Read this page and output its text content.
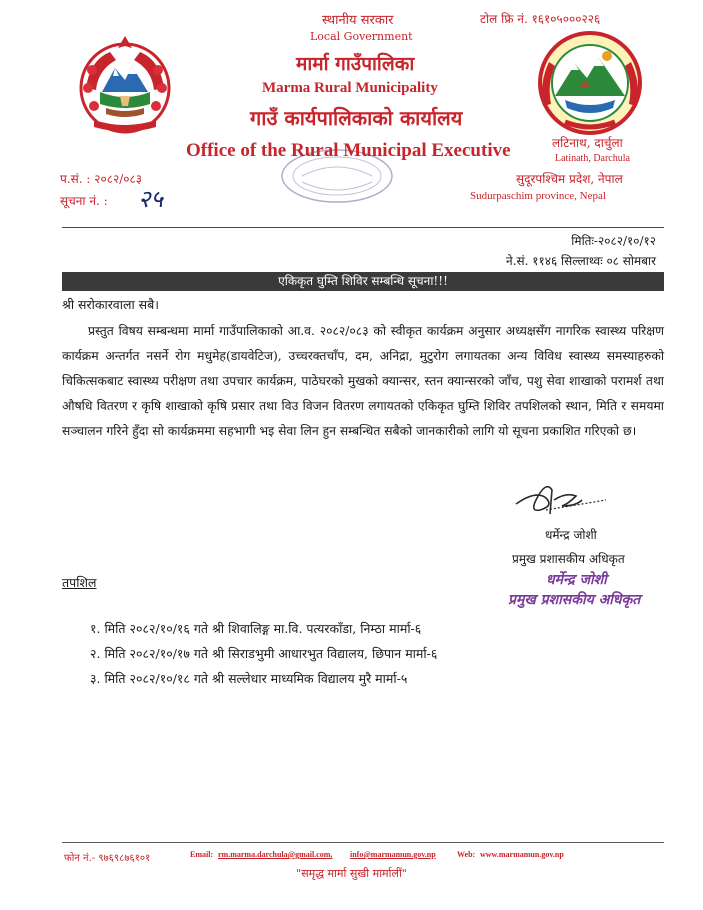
स्थानीय सरकार	टोल फ्रि नं. १६१०५०००२२६
Local Government
मार्मा गाउँपालिका
Marma Rural Municipality
गाउँ कार्यपालिकाको कार्यालय
Office of the Rural Municipal Executive
प.सं. : २०८२/०८३
सूचना नं. : २५
लटिनाथ, दार्चुला
Latinath, Darchula
सुदूरपश्चिम प्रदेश, नेपाल
Sudurpaschim province, Nepal
मितिः-२०८२/१०/१२
ने.सं. ११४६ सिल्लाथ्वः ०८ सोमबार
एकिकृत घुम्ति शिविर सम्बन्धि सूचना!!!
श्री सरोकारवाला सबै।
प्रस्तुत विषय सम्बन्धमा मार्मा गाउँपालिकाको आ.व. २०८२/०८३ को स्वीकृत कार्यक्रम अनुसार अध्यक्षसँग नागरिक स्वास्थ्य परिक्षण कार्यक्रम अन्तर्गत नसर्ने रोग मधुमेह(डायवेटिज), उच्चरक्तचाँप, दम, अनिद्रा, मुटुरोग लगायतका अन्य विविध स्वास्थ्य समस्याहरुको चिकित्सकबाट स्वास्थ्य परीक्षण तथा उपचार कार्यक्रम, पाठेघरको मुखको क्यान्सर, स्तन क्यान्सरको जाँच, पशु सेवा शाखाको परामर्श तथा औषधि वितरण र कृषि शाखाको कृषि प्रसार तथा विउ विजन वितरण लगायतको एकिकृत घुम्ति शिविर तपशिलको स्थान, मिति र समयमा सञ्चालन गरिने हुँदा सो कार्यक्रममा सहभागी भइ सेवा लिन हुन सम्बन्धित सबैको जानकारीको लागि यो सूचना प्रकाशित गरिएको छ।
धर्मेन्द्र जोशी
प्रमुख प्रशासकीय अधिकृत
धर्मेन्द्र जोशी
प्रमुख प्रशासकीय अधिकृत
तपशिल
१. मिति २०८२/१०/१६ गते श्री शिवालिङ्ग मा.वि. पत्यरकाँडा, निम्ठा मार्मा-६
२. मिति २०८२/१०/१७ गते श्री सिराडभुमी आधारभुत विद्यालय, छिपान मार्मा-६
३. मिति २०८२/१०/१८ गते श्री सल्लेधार माध्यमिक विद्यालय मुरै मार्मा-५
फोन नं.- ९७६९८७६१०१	Email: rm.marma.darchula@gmail.com, info@marmamun.gov.np	Web: www.marmamun.gov.np
"समृद्ध मार्मा सुखी मार्मालीं"
